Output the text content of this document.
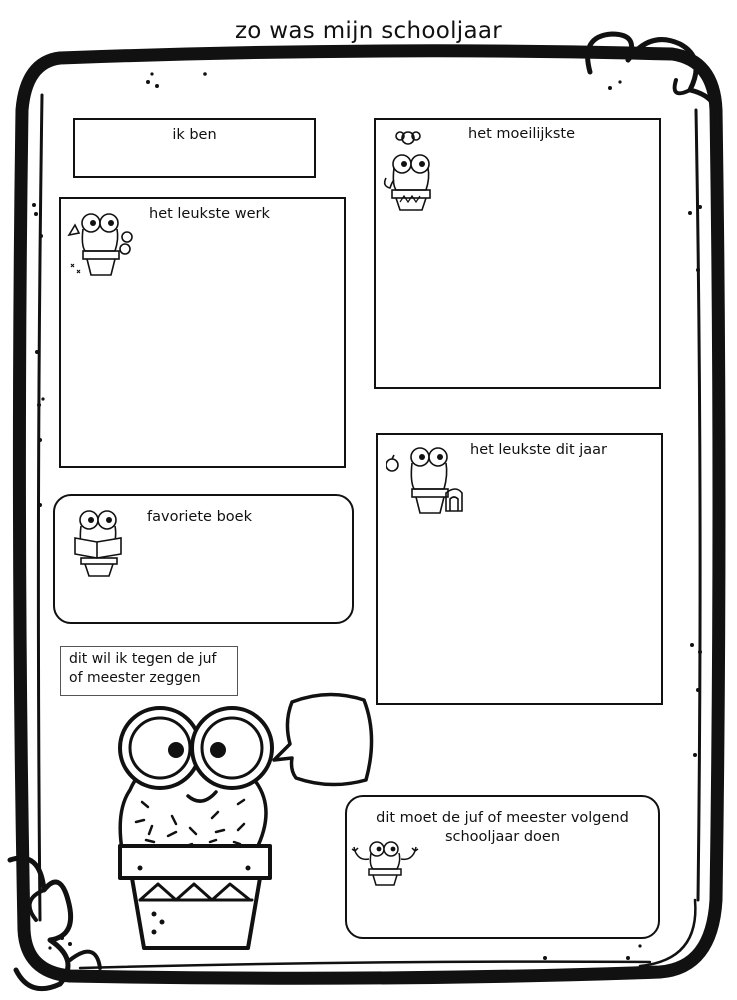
zo was mijn schooljaar
ik ben	het moeilijkste
het leukste werk
het leukste dit jaar
favoriete boek
dit wil ik tegen de juf
of meester zeggen
dit moet de juf of meester volgend
schooljaar doen
